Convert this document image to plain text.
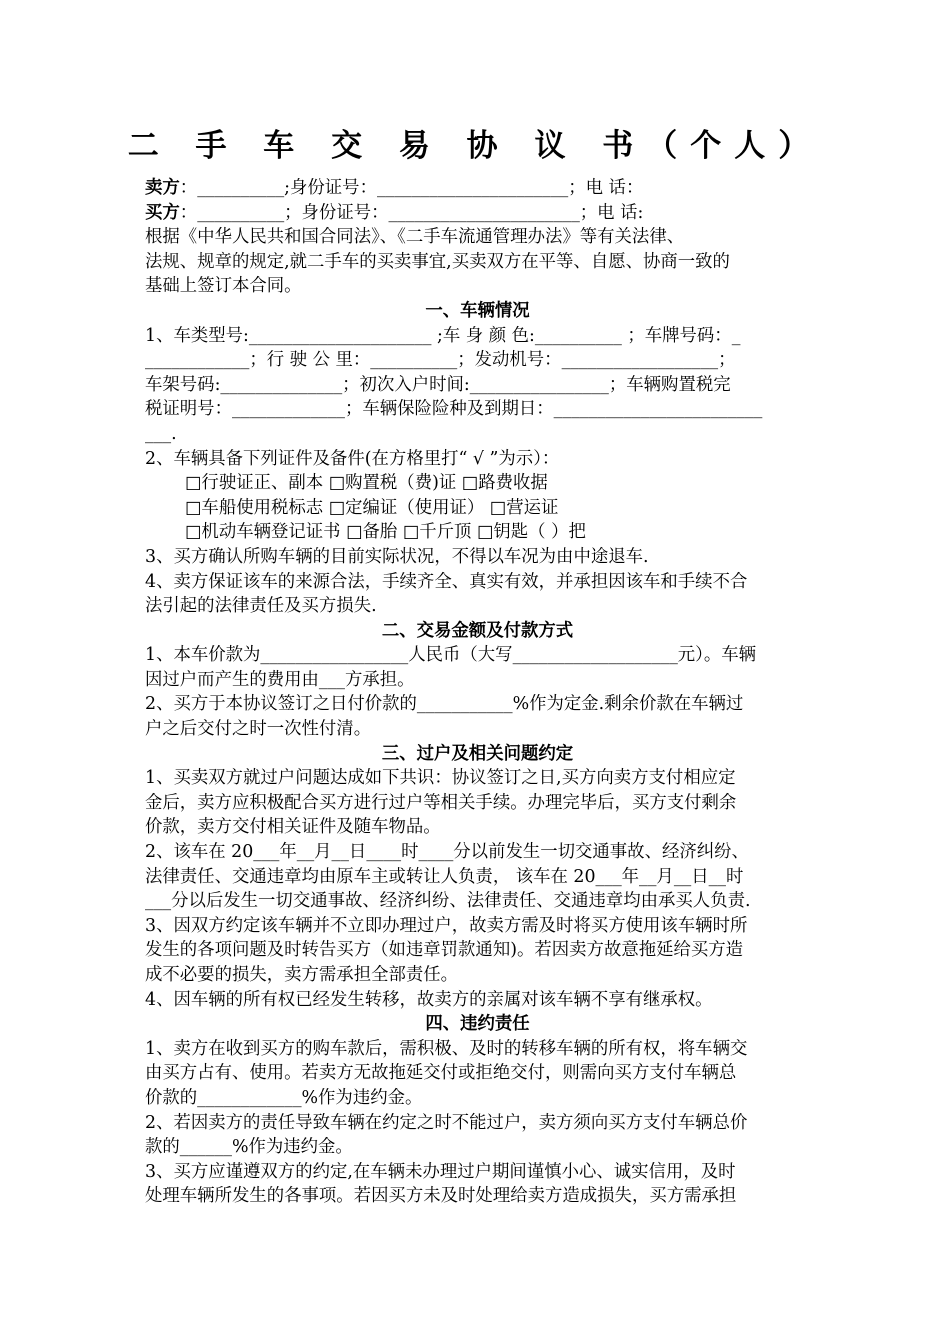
二 手 车 交 易 协 议 书（个人）
卖方：__________;身份证号：______________________；电 话：
买方：__________；身份证号：______________________；电 话:
根据《中华人民共和国合同法》、《二手车流通管理办法》等有关法律、
法规、规章的规定,就二手车的买卖事宜,买卖双方在平等、自愿、协商一致的
基础上签订本合同。
一、车辆情况
1、车类型号:_____________________ ;车 身 颜 色:__________ ；车牌号码：_
____________；行 驶 公 里：__________；发动机号：__________________；
车架号码:______________；初次入户时间:________________；车辆购置税完
税证明号：_____________；车辆保险险种及到期日：________________________
___.
2、车辆具备下列证件及备件(在方格里打“ √ ”为示）：
□行驶证正、副本 □购置税（费)证 □路费收据
□车船使用税标志 □定编证（使用证） □营运证
□机动车辆登记证书 □备胎 □千斤顶 □钥匙（ ）把
3、买方确认所购车辆的目前实际状况，不得以车况为由中途退车.
4、卖方保证该车的来源合法，手续齐全、真实有效，并承担因该车和手续不合
法引起的法律责任及买方损失.
二、交易金额及付款方式
1、本车价款为_________________人民币（大写___________________元）。车辆
因过户而产生的费用由___方承担。
2、买方于本协议签订之日付价款的___________%作为定金.剩余价款在车辆过
户之后交付之时一次性付清。
三、过户及相关问题约定
1、买卖双方就过户问题达成如下共识：协议签订之日,买方向卖方支付相应定
金后，卖方应积极配合买方进行过户等相关手续。办理完毕后，买方支付剩余
价款，卖方交付相关证件及随车物品。
2、该车在 20___年__月__日____时____分以前发生一切交通事故、经济纠纷、
法律责任、交通违章均由原车主或转让人负责， 该车在 20___年__月__日__时
___分以后发生一切交通事故、经济纠纷、法律责任、交通违章均由承买人负责.
3、因双方约定该车辆并不立即办理过户，故卖方需及时将买方使用该车辆时所
发生的各项问题及时转告买方（如违章罚款通知)。若因卖方故意拖延给买方造
成不必要的损失，卖方需承担全部责任。
4、因车辆的所有权已经发生转移，故卖方的亲属对该车辆不享有继承权。
四、违约责任
1、卖方在收到买方的购车款后，需积极、及时的转移车辆的所有权，将车辆交
由买方占有、使用。若卖方无故拖延交付或拒绝交付，则需向买方支付车辆总
价款的____________%作为违约金。
2、若因卖方的责任导致车辆在约定之时不能过户，卖方须向买方支付车辆总价
款的______%作为违约金。
3、买方应谨遵双方的约定,在车辆未办理过户期间谨慎小心、诚实信用，及时
处理车辆所发生的各事项。若因买方未及时处理给卖方造成损失，买方需承担
